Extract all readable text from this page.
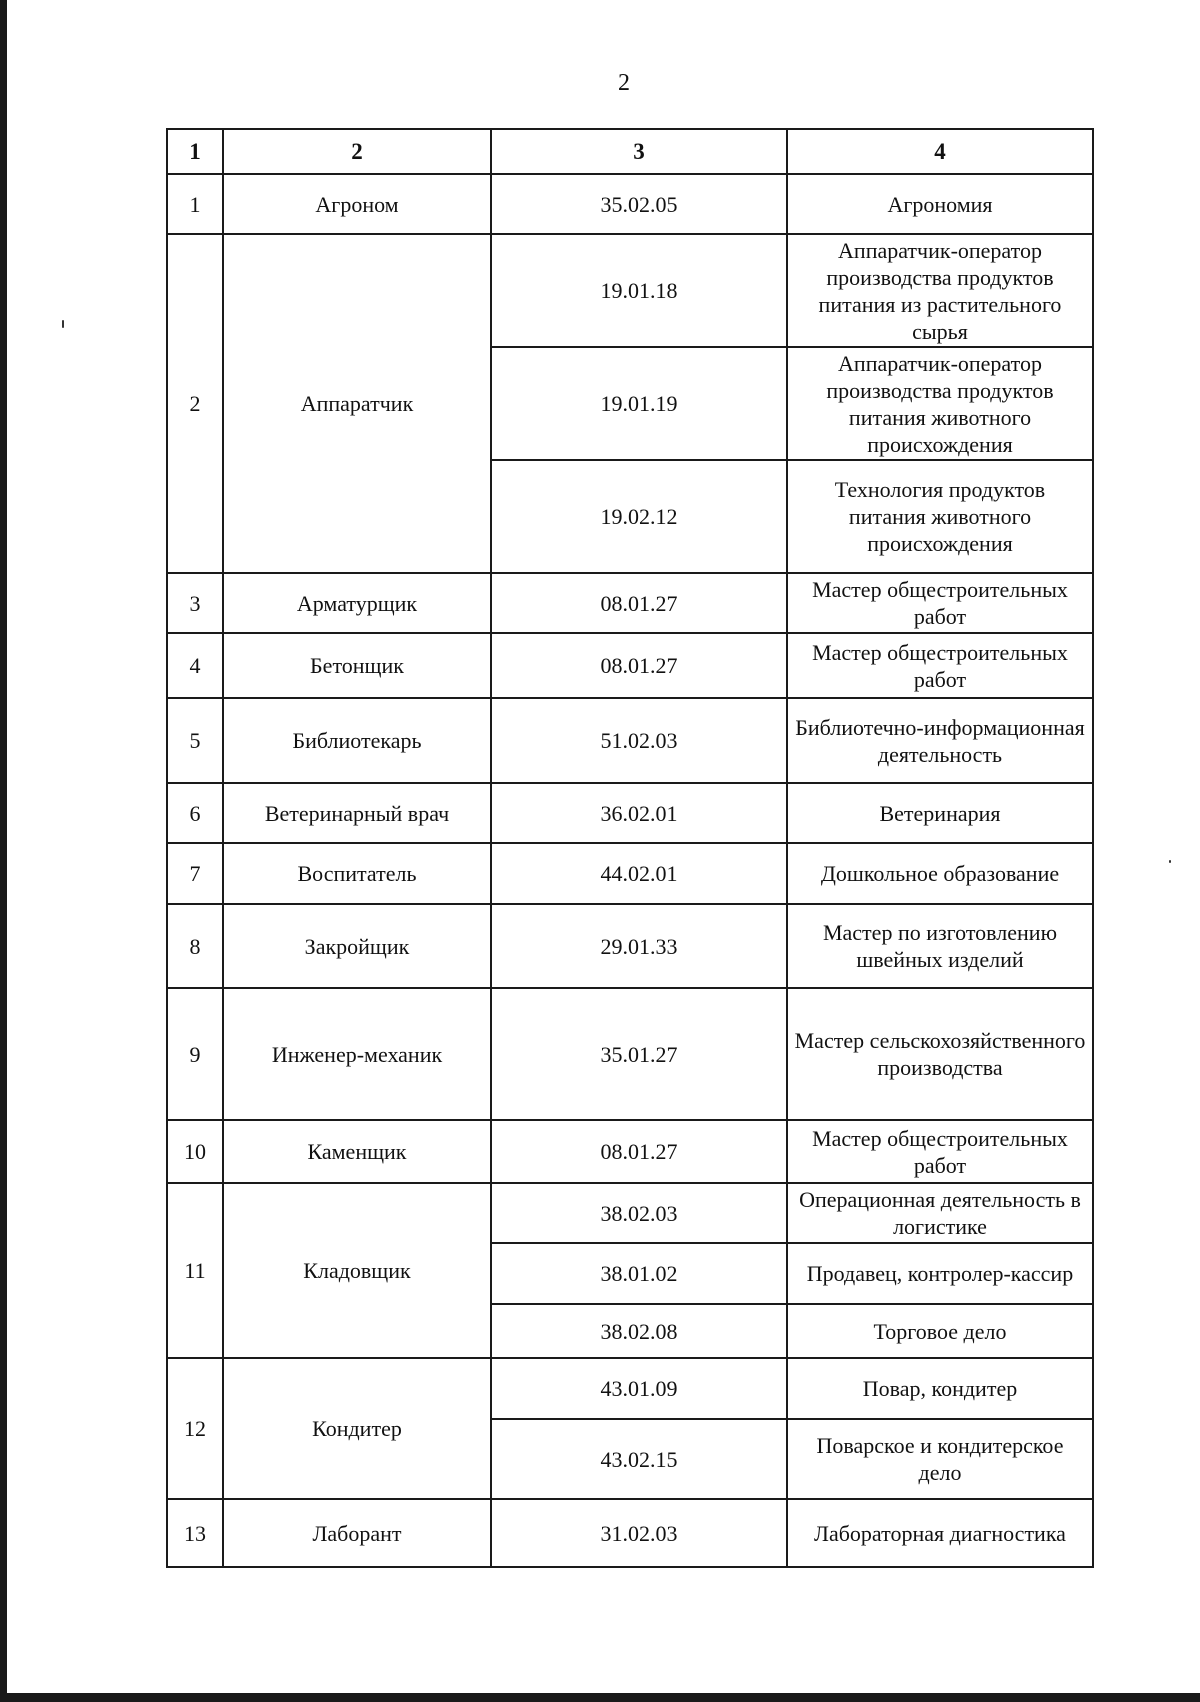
2
1	2	3	4
1	Агроном	35.02.05	Агрономия
2	Аппаратчик	19.01.18	Аппаратчик-оператор производства продуктов питания из растительного сырья
		19.01.19	Аппаратчик-оператор производства продуктов питания животного происхождения
		19.02.12	Технология продуктов питания животного происхождения
3	Арматурщик	08.01.27	Мастер общестроительных работ
4	Бетонщик	08.01.27	Мастер общестроительных работ
5	Библиотекарь	51.02.03	Библиотечно-информационная деятельность
6	Ветеринарный врач	36.02.01	Ветеринария
7	Воспитатель	44.02.01	Дошкольное образование
8	Закройщик	29.01.33	Мастер по изготовлению швейных изделий
9	Инженер-механик	35.01.27	Мастер сельскохозяйственного производства
10	Каменщик	08.01.27	Мастер общестроительных работ
11	Кладовщик	38.02.03	Операционная деятельность в логистике
		38.01.02	Продавец, контролер-кассир
		38.02.08	Торговое дело
12	Кондитер	43.01.09	Повар, кондитер
		43.02.15	Поварское и кондитерское дело
13	Лаборант	31.02.03	Лабораторная диагностика
